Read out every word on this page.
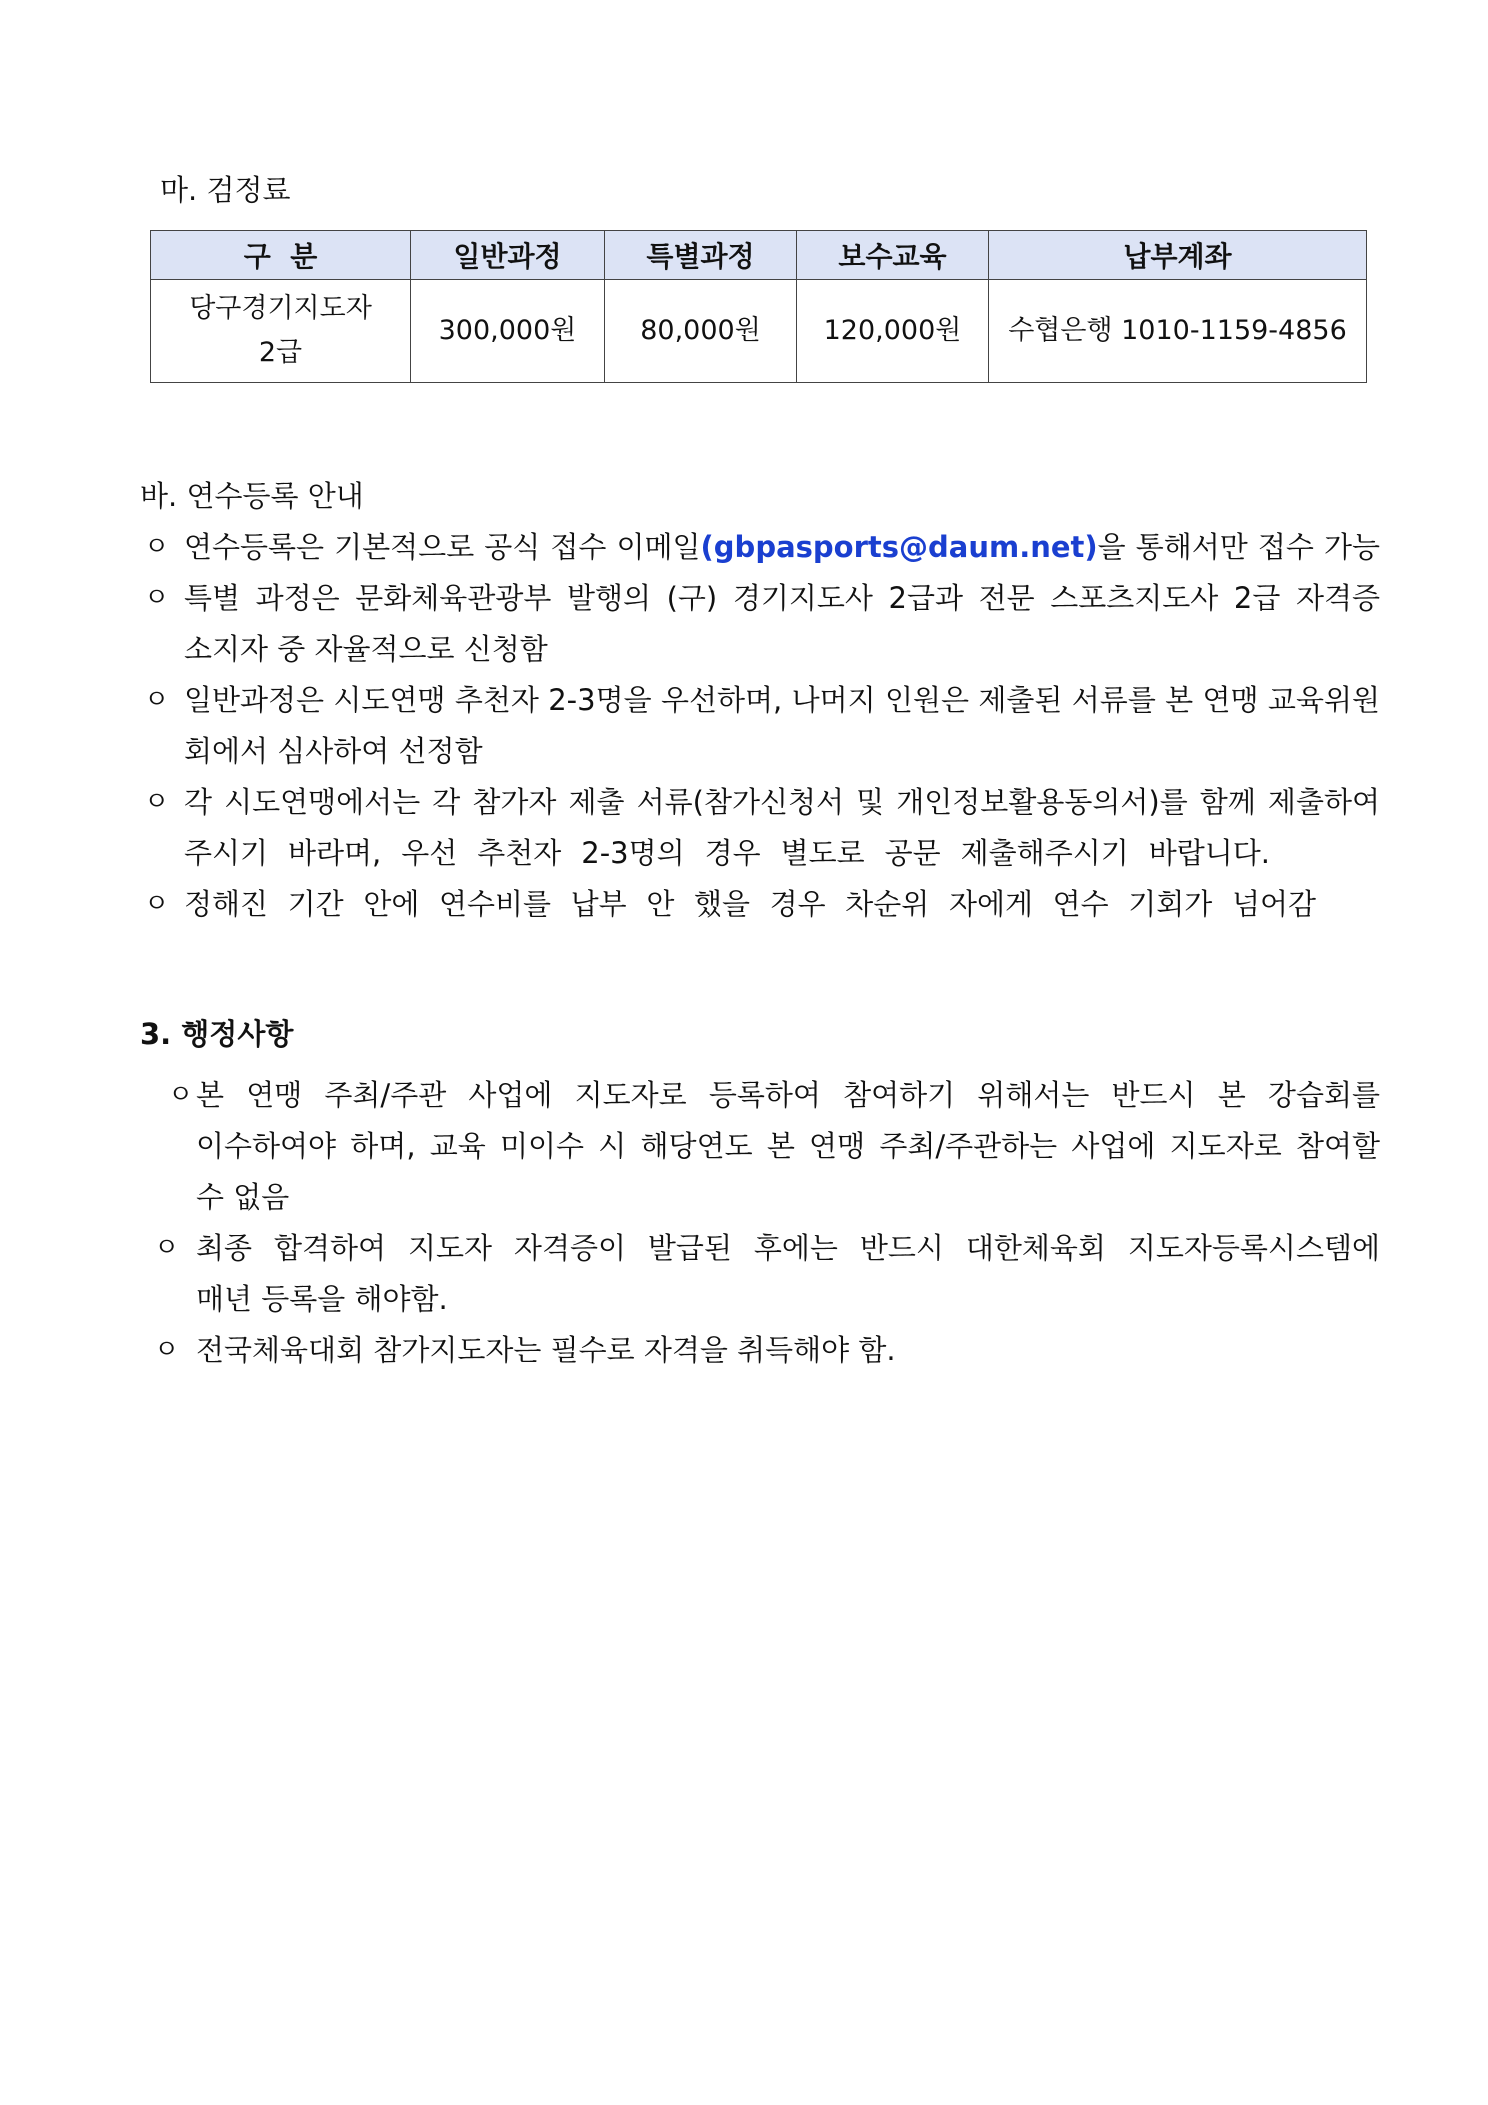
마. 검정료
구  분	일반과정	특별과정	보수교육	납부계좌

당구경기지도자
2급	300,000원	80,000원	120,000원	수협은행 1010-1159-4856
바. 연수등록 안내
ㅇ 연수등록은 기본적으로 공식 접수 이메일(gbpasports@daum.net)을 통해서만 접수 가능
ㅇ 특별 과정은 문화체육관광부 발행의 (구) 경기지도사 2급과 전문 스포츠지도사 2급 자격증
소지자 중 자율적으로 신청함
ㅇ 일반과정은 시도연맹 추천자 2-3명을 우선하며, 나머지 인원은 제출된 서류를 본 연맹 교육위원
회에서 심사하여 선정함
ㅇ 각 시도연맹에서는 각 참가자 제출 서류(참가신청서 및 개인정보활용동의서)를 함께 제출하여
주시기 바라며, 우선 추천자 2-3명의 경우 별도로 공문 제출해주시기 바랍니다.
ㅇ 정해진 기간 안에 연수비를 납부 안 했을 경우 차순위 자에게 연수 기회가 넘어감
3. 행정사항
ㅇ 본 연맹 주최/주관 사업에 지도자로 등록하여 참여하기 위해서는 반드시 본 강습회를
이수하여야 하며, 교육 미이수 시 해당연도 본 연맹 주최/주관하는 사업에 지도자로 참여할
수 없음
ㅇ 최종 합격하여 지도자 자격증이 발급된 후에는 반드시 대한체육회 지도자등록시스템에
매년 등록을 해야함.
ㅇ 전국체육대회 참가지도자는 필수로 자격을 취득해야 함.
